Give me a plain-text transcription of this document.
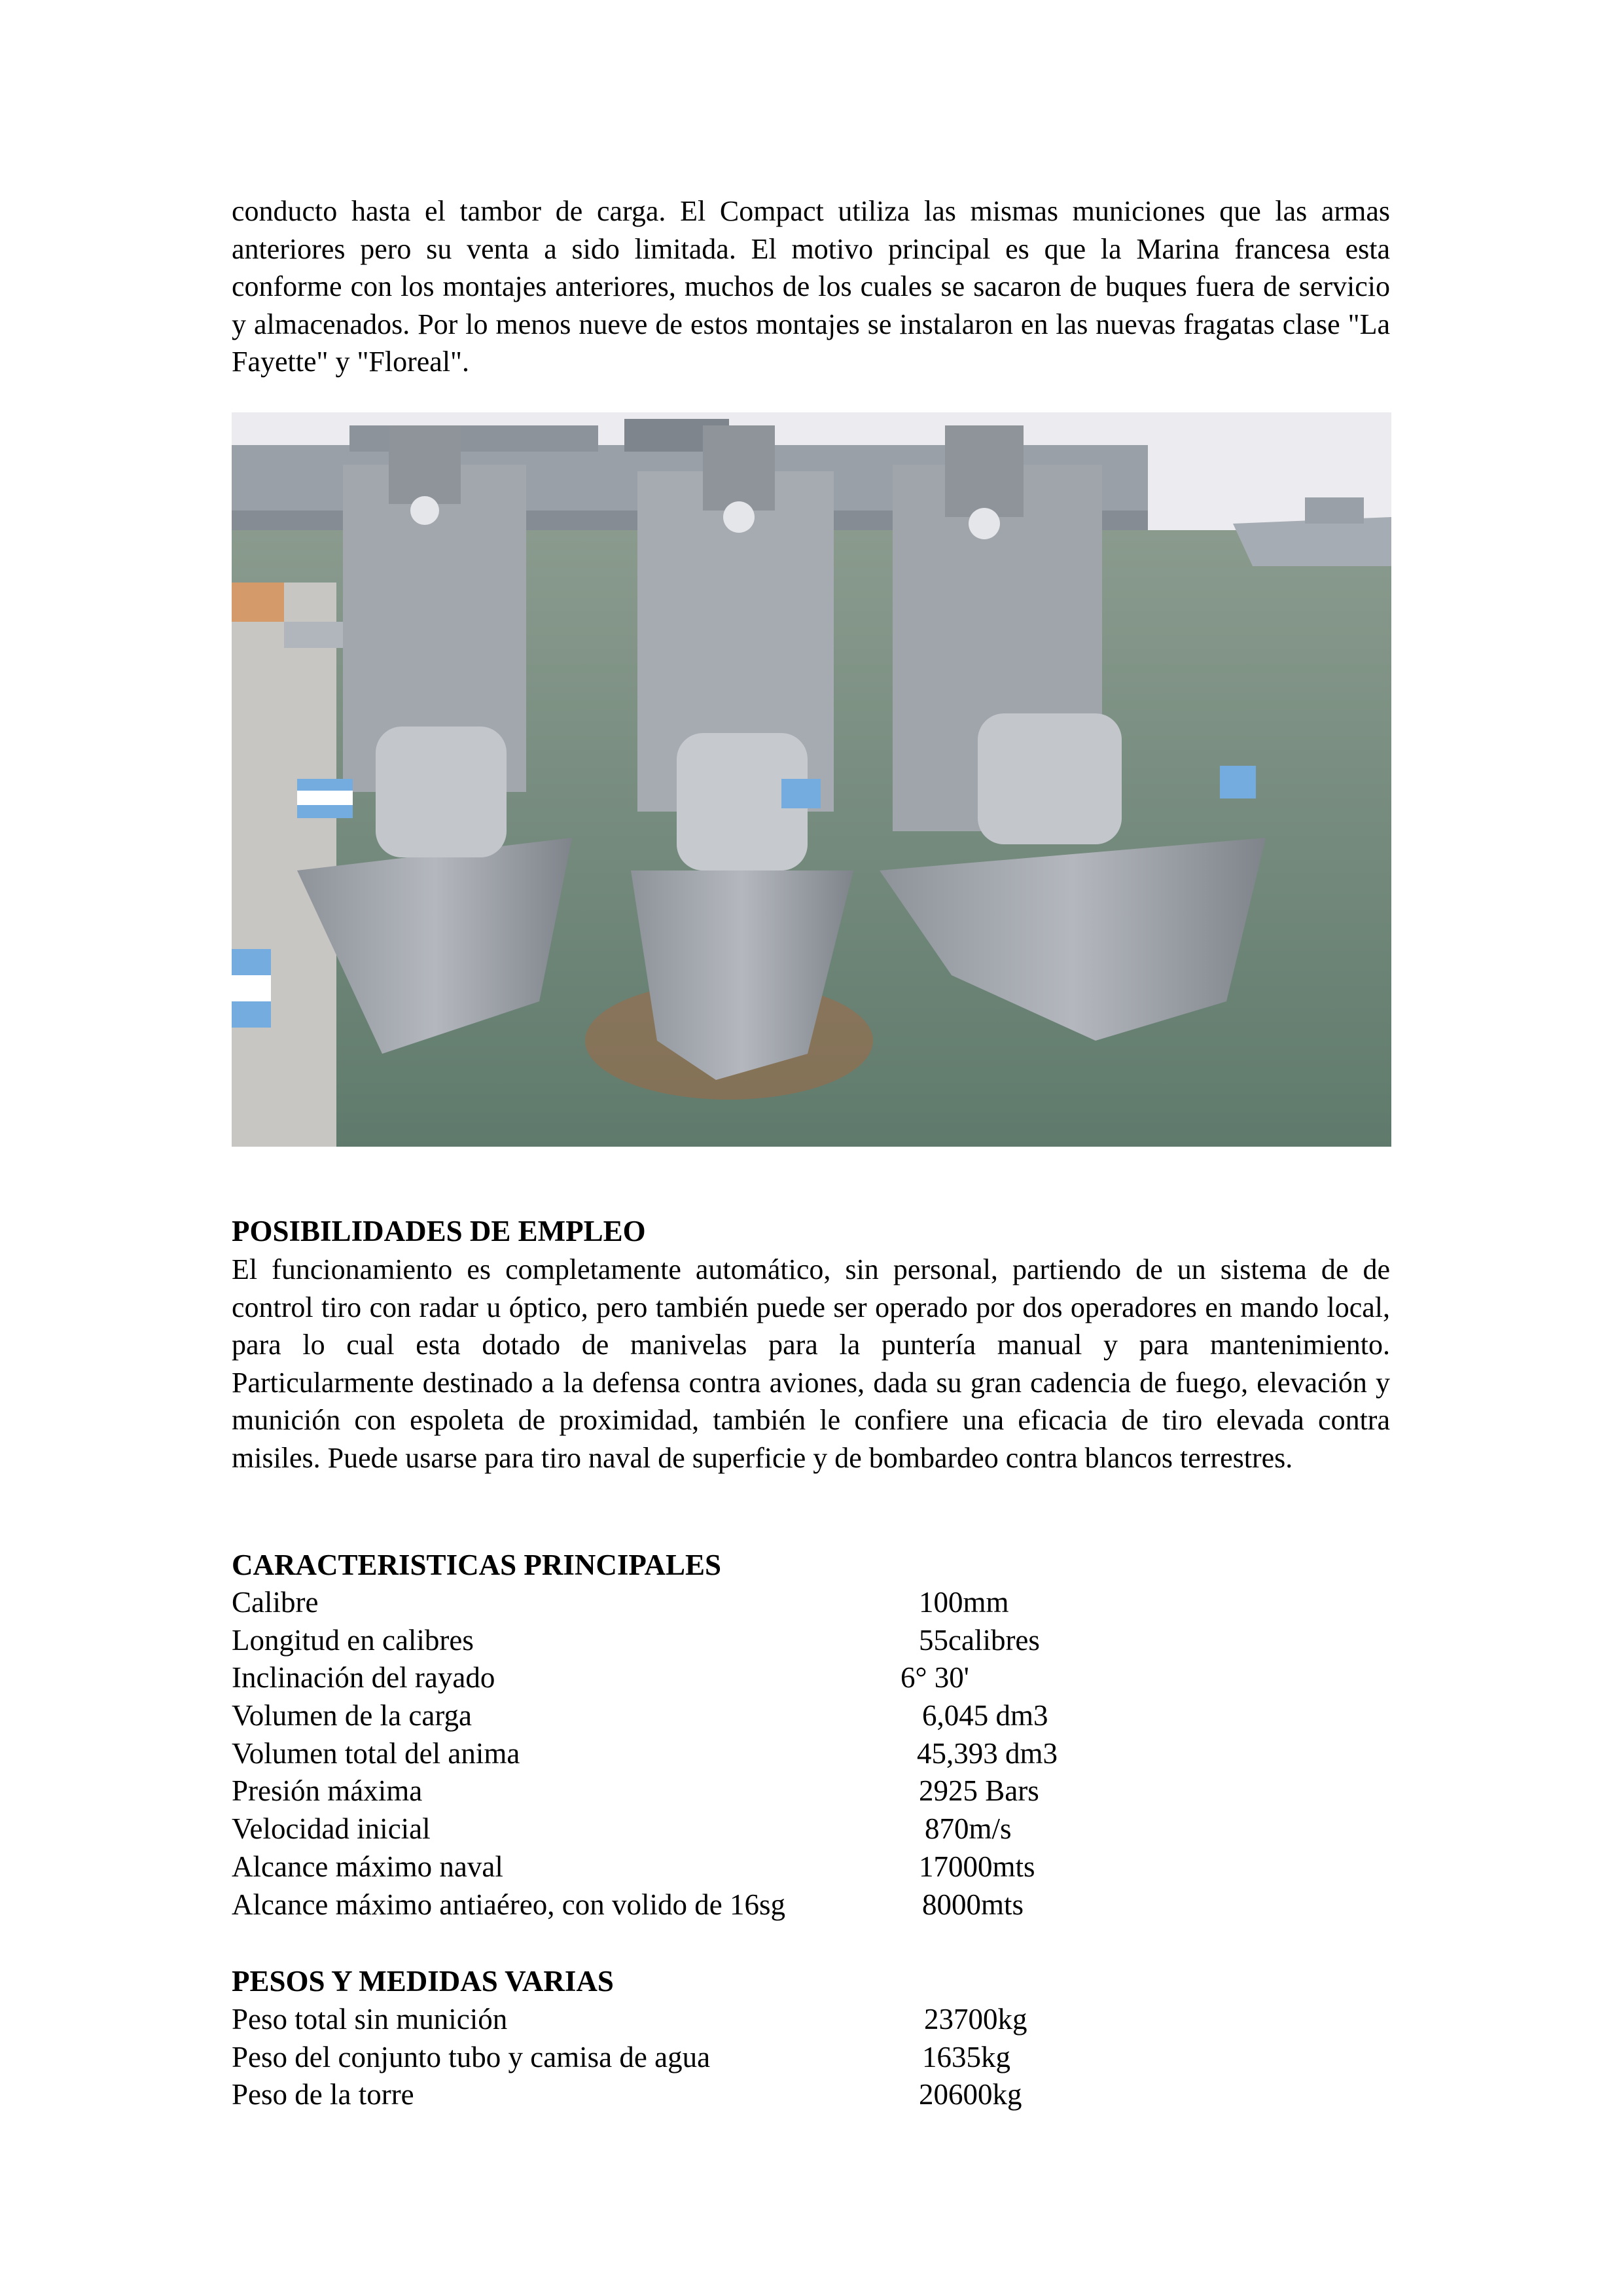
conducto hasta el tambor de carga. El Compact utiliza las mismas municiones que las armas anteriores pero su venta a sido limitada. El motivo principal es que la Marina francesa esta conforme con los montajes anteriores, muchos de los cuales se sacaron de buques fuera de servicio y almacenados. Por lo menos nueve de estos montajes se instalaron en las nuevas fragatas clase "La Fayette" y "Floreal".
POSIBILIDADES DE EMPLEO
El funcionamiento es completamente automático, sin personal, partiendo de un sistema de de control tiro con radar u óptico, pero también puede ser operado por dos operadores en mando local, para lo cual esta dotado de manivelas para la puntería manual y para mantenimiento. Particularmente destinado a la defensa contra aviones, dada su gran cadencia de fuego, elevación y munición con espoleta de proximidad, también le confiere una eficacia de tiro elevada contra misiles. Puede usarse para tiro naval de superficie y de bombardeo contra blancos terrestres.
CARACTERISTICAS PRINCIPALES
Calibre	100mm
Longitud en calibres	55calibres
Inclinación del rayado	6° 30'
Volumen de la carga	6,045 dm3
Volumen total del anima	45,393 dm3
Presión máxima	2925 Bars
Velocidad inicial	870m/s
Alcance máximo naval	17000mts
Alcance máximo antiaéreo, con volido de 16sg	8000mts
PESOS Y MEDIDAS VARIAS
Peso total sin munición	23700kg
Peso del conjunto tubo y camisa de agua	1635kg
Peso de la torre	20600kg
